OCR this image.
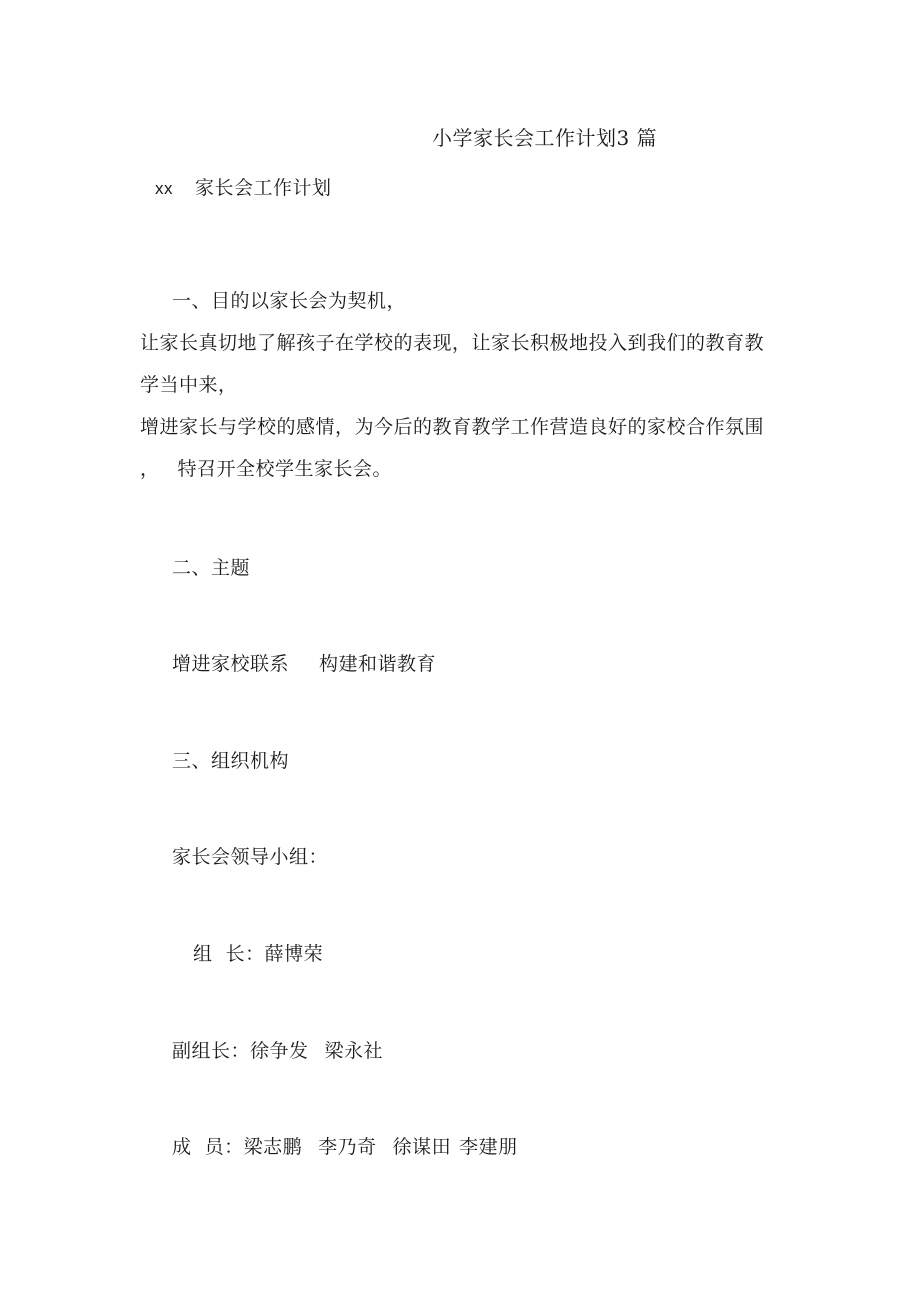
小学家长会工作计划3 篇
xx 家长会工作计划
一、目的以家长会为契机，
让家长真切地了解孩子在学校的表现，让家长积极地投入到我们的教育教
学当中来，
增进家长与学校的感情，为今后的教育教学工作营造良好的家校合作氛围
， 特召开全校学生家长会。
二、主题
增进家校联系 构建和谐教育
三、组织机构
家长会领导小组：
组  长：薛博荣
副组长：徐争发 梁永社
成  员：梁志鹏 李乃奇 徐谋田 李建朋
